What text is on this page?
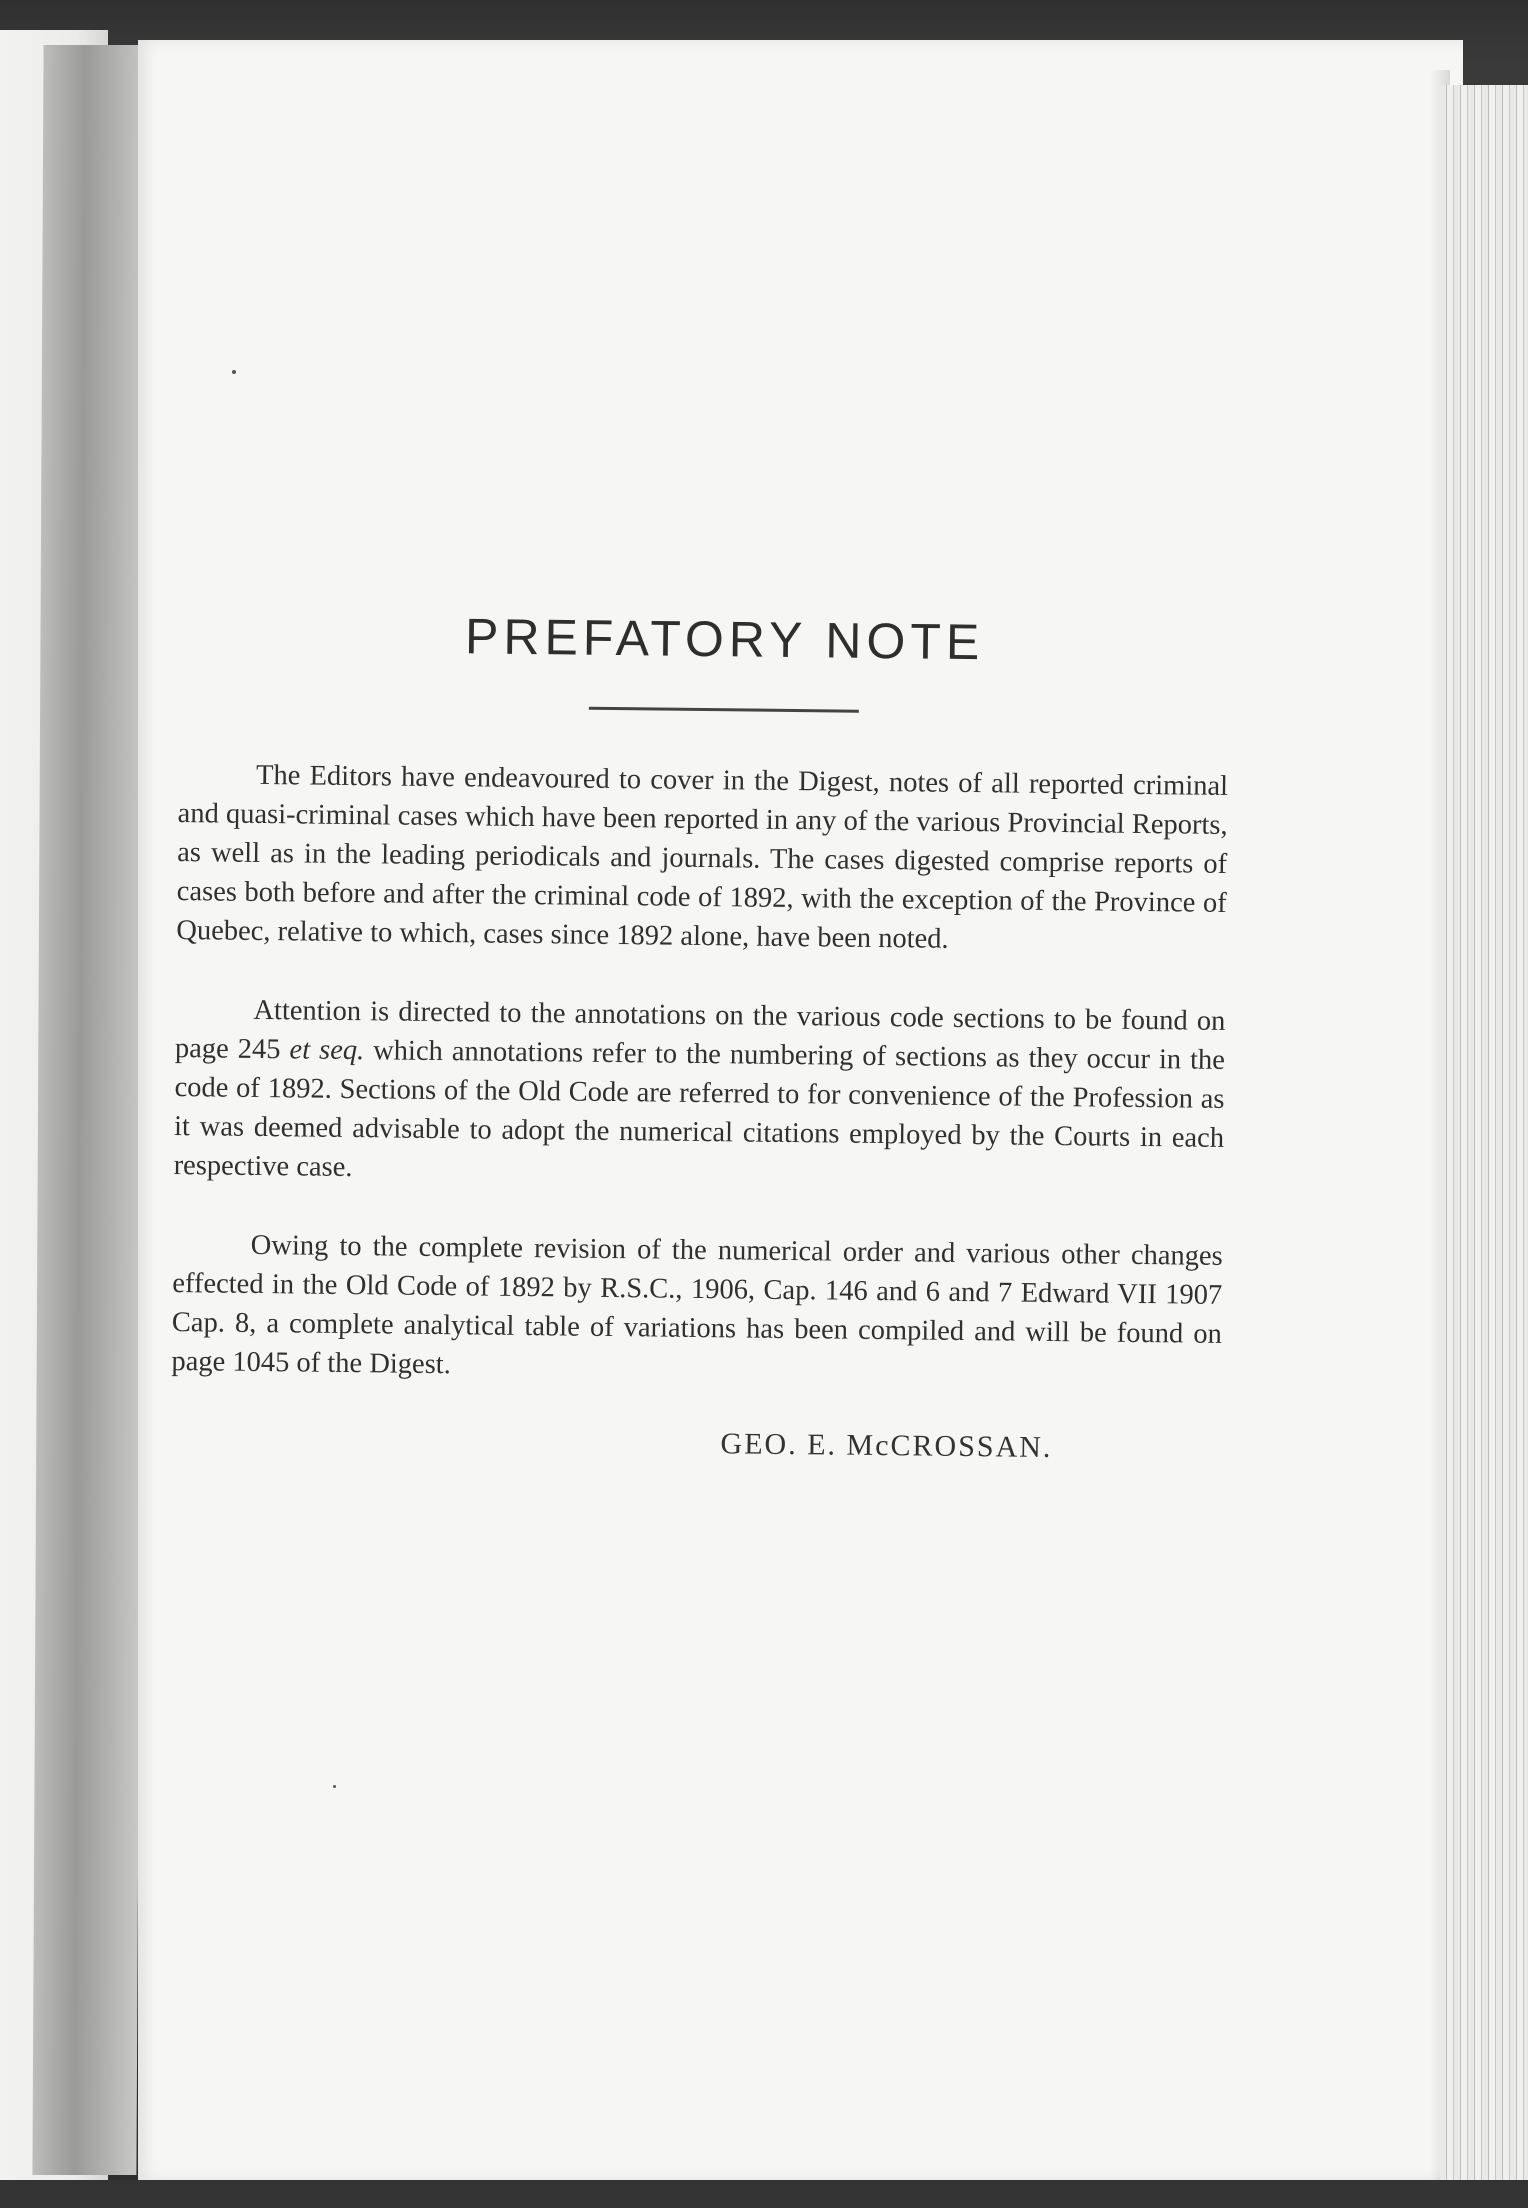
PREFATORY NOTE

The Editors have endeavoured to cover in the Digest, notes of all reported criminal and quasi-criminal cases which have been reported in any of the various Provincial Reports, as well as in the leading periodicals and journals. The cases digested comprise reports of cases both before and after the criminal code of 1892, with the exception of the Province of Quebec, relative to which, cases since 1892 alone, have been noted.

Attention is directed to the annotations on the various code sections to be found on page 245 et seq. which annotations refer to the numbering of sections as they occur in the code of 1892. Sections of the Old Code are referred to for convenience of the Profession as it was deemed advisable to adopt the numerical citations employed by the Courts in each respective case.

Owing to the complete revision of the numerical order and various other changes effected in the Old Code of 1892 by R.S.C., 1906, Cap. 146 and 6 and 7 Edward VII 1907 Cap. 8, a complete analytical table of variations has been compiled and will be found on page 1045 of the Digest.

GEO. E. McCROSSAN.
